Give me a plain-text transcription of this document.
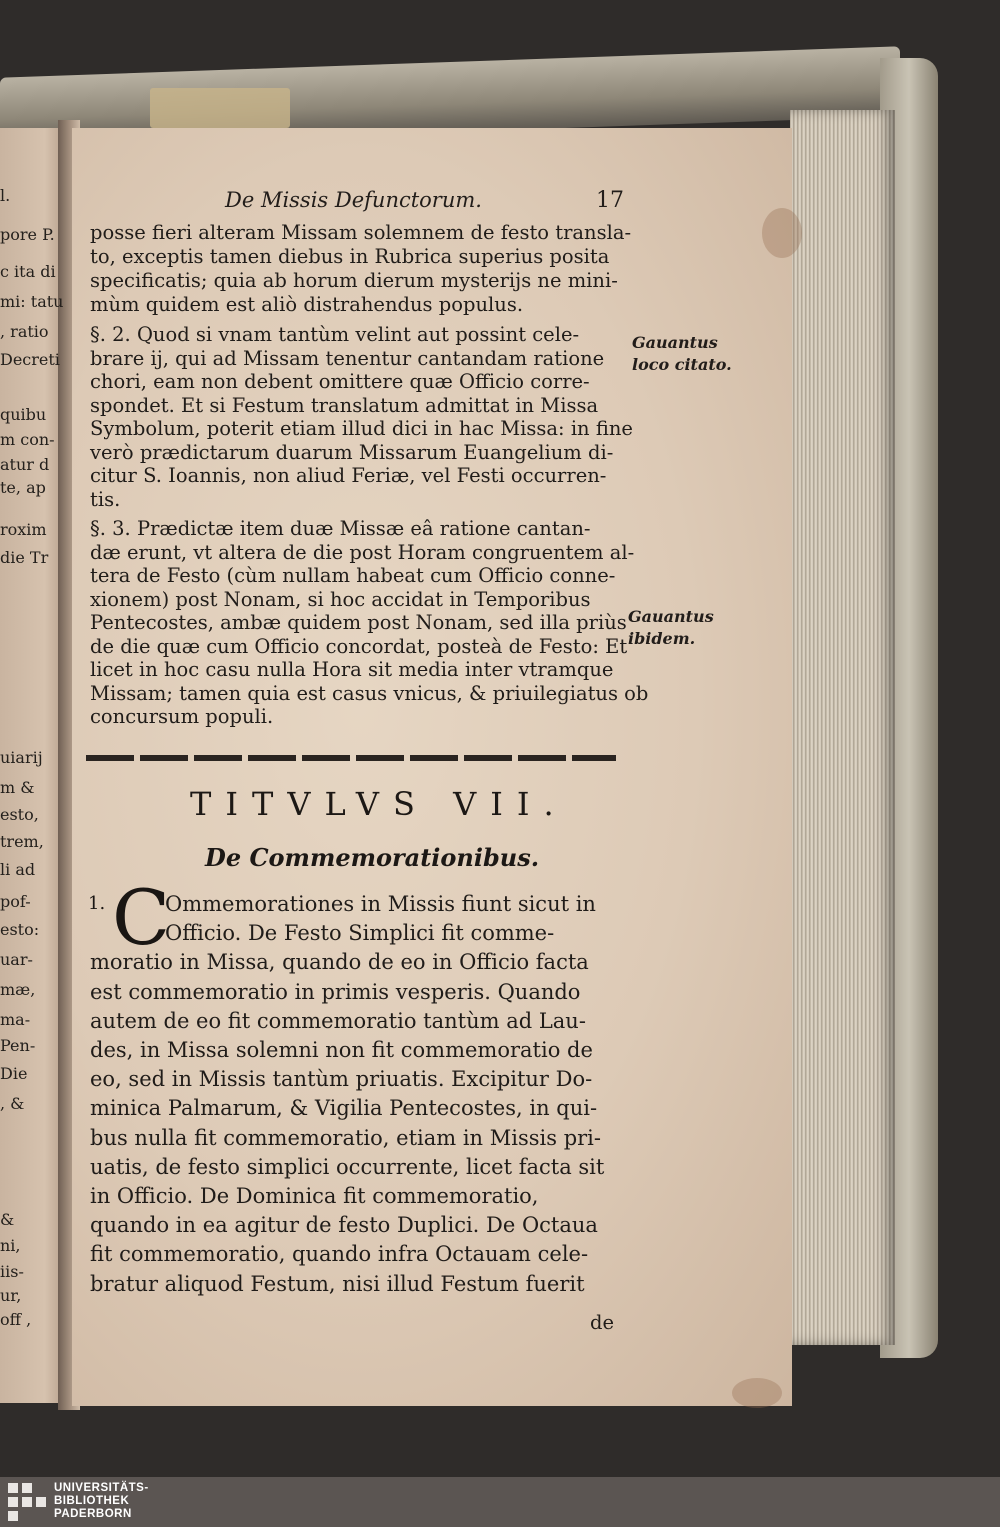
l.
pore P.
c ita di
mi: tatu
, ratio
Decreti
quibu
m con-
atur d
te, ap
roxim
die Tr
uiarij
m &
esto,
trem,
li ad
pof-
esto:
uar-
mæ,
ma-
Pen-
Die
, &
&
ni,
iis-
ur,
off ,
De Missis Defunctorum.	17
posse fieri alteram Missam solemnem de festo transla-
to, exceptis tamen diebus in Rubrica superius posita
specificatis; quia ab horum dierum mysterijs ne mini-
mùm quidem est aliò distrahendus populus.
§. 2. Quod si vnam tantùm velint aut possint cele-
brare ij, qui ad Missam tenentur cantandam ratione
chori, eam non debent omittere quæ Officio corre-
spondet. Et si Festum translatum admittat in Missa
Symbolum, poterit etiam illud dici in hac Missa: in fine
verò prædictarum duarum Missarum Euangelium di-
citur S. Ioannis, non aliud Feriæ, vel Festi occurren-
tis.
§. 3. Prædictæ item duæ Missæ eâ ratione cantan-
dæ erunt, vt altera de die post Horam congruentem al-
tera de Festo (cùm nullam habeat cum Officio conne-
xionem) post Nonam, si hoc accidat in Temporibus
Pentecostes, ambæ quidem post Nonam, sed illa priùs
de die quæ cum Officio concordat, posteà de Festo: Et
licet in hoc casu nulla Hora sit media inter vtramque
Missam; tamen quia est casus vnicus, & priuilegiatus ob
concursum populi.
Gauantus
loco citato.
Gauantus
ibidem.
TITVLVS VII.
De Commemorationibus.
1. C
Ommemorationes in Missis fiunt sicut in
Officio. De Festo Simplici fit comme-
moratio in Missa, quando de eo in Officio facta
est commemoratio in primis vesperis. Quando
autem de eo fit commemoratio tantùm ad Lau-
des, in Missa solemni non fit commemoratio de
eo, sed in Missis tantùm priuatis. Excipitur Do-
minica Palmarum, & Vigilia Pentecostes, in qui-
bus nulla fit commemoratio, etiam in Missis pri-
uatis, de festo simplici occurrente, licet facta sit
in Officio. De Dominica fit commemoratio,
quando in ea agitur de festo Duplici. De Octaua
fit commemoratio, quando infra Octauam cele-
bratur aliquod Festum, nisi illud Festum fuerit
de
UNIVERSITÄTS-
BIBLIOTHEK
PADERBORN
